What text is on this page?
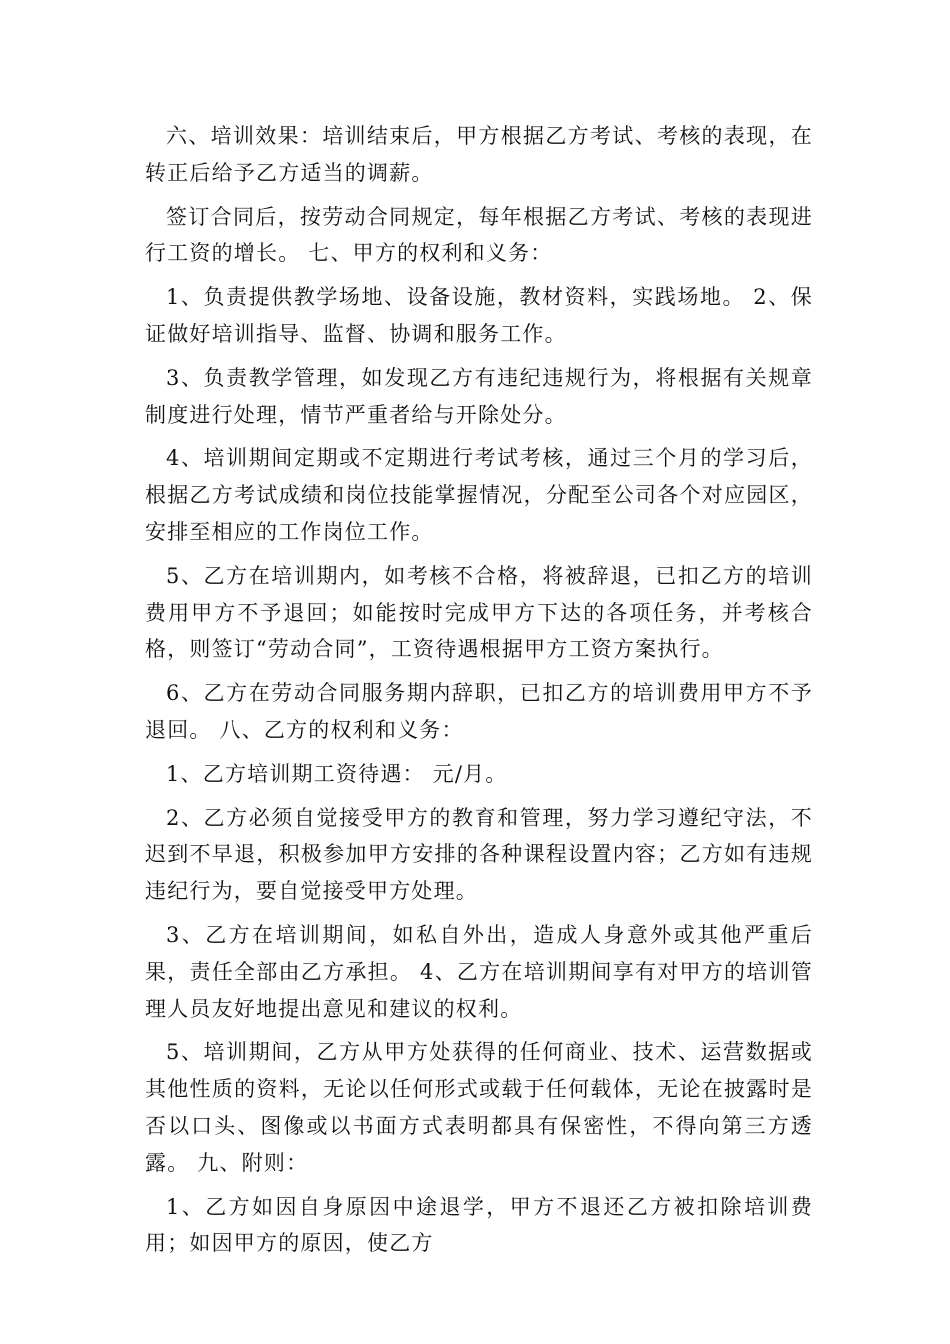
六、培训效果：培训结束后，甲方根据乙方考试、考核的表现，在转正后给予乙方适当的调薪。

签订合同后，按劳动合同规定，每年根据乙方考试、考核的表现进行工资的增长。 七、甲方的权利和义务：

1、负责提供教学场地、设备设施，教材资料，实践场地。 2、保证做好培训指导、监督、协调和服务工作。

3、负责教学管理，如发现乙方有违纪违规行为，将根据有关规章制度进行处理，情节严重者给与开除处分。

4、培训期间定期或不定期进行考试考核，通过三个月的学习后，根据乙方考试成绩和岗位技能掌握情况，分配至公司各个对应园区，安排至相应的工作岗位工作。

5、乙方在培训期内，如考核不合格，将被辞退，已扣乙方的培训费用甲方不予退回；如能按时完成甲方下达的各项任务，并考核合格，则签订“劳动合同”，工资待遇根据甲方工资方案执行。

6、乙方在劳动合同服务期内辞职，已扣乙方的培训费用甲方不予退回。 八、乙方的权利和义务：

1、乙方培训期工资待遇： 元/月。

2、乙方必须自觉接受甲方的教育和管理，努力学习遵纪守法，不迟到不早退，积极参加甲方安排的各种课程设置内容；乙方如有违规违纪行为，要自觉接受甲方处理。

3、乙方在培训期间，如私自外出，造成人身意外或其他严重后果，责任全部由乙方承担。 4、乙方在培训期间享有对甲方的培训管理人员友好地提出意见和建议的权利。

5、培训期间，乙方从甲方处获得的任何商业、技术、运营数据或其他性质的资料，无论以任何形式或载于任何载体，无论在披露时是否以口头、图像或以书面方式表明都具有保密性，不得向第三方透露。 九、附则：

1、乙方如因自身原因中途退学，甲方不退还乙方被扣除培训费用；如因甲方的原因，使乙方
